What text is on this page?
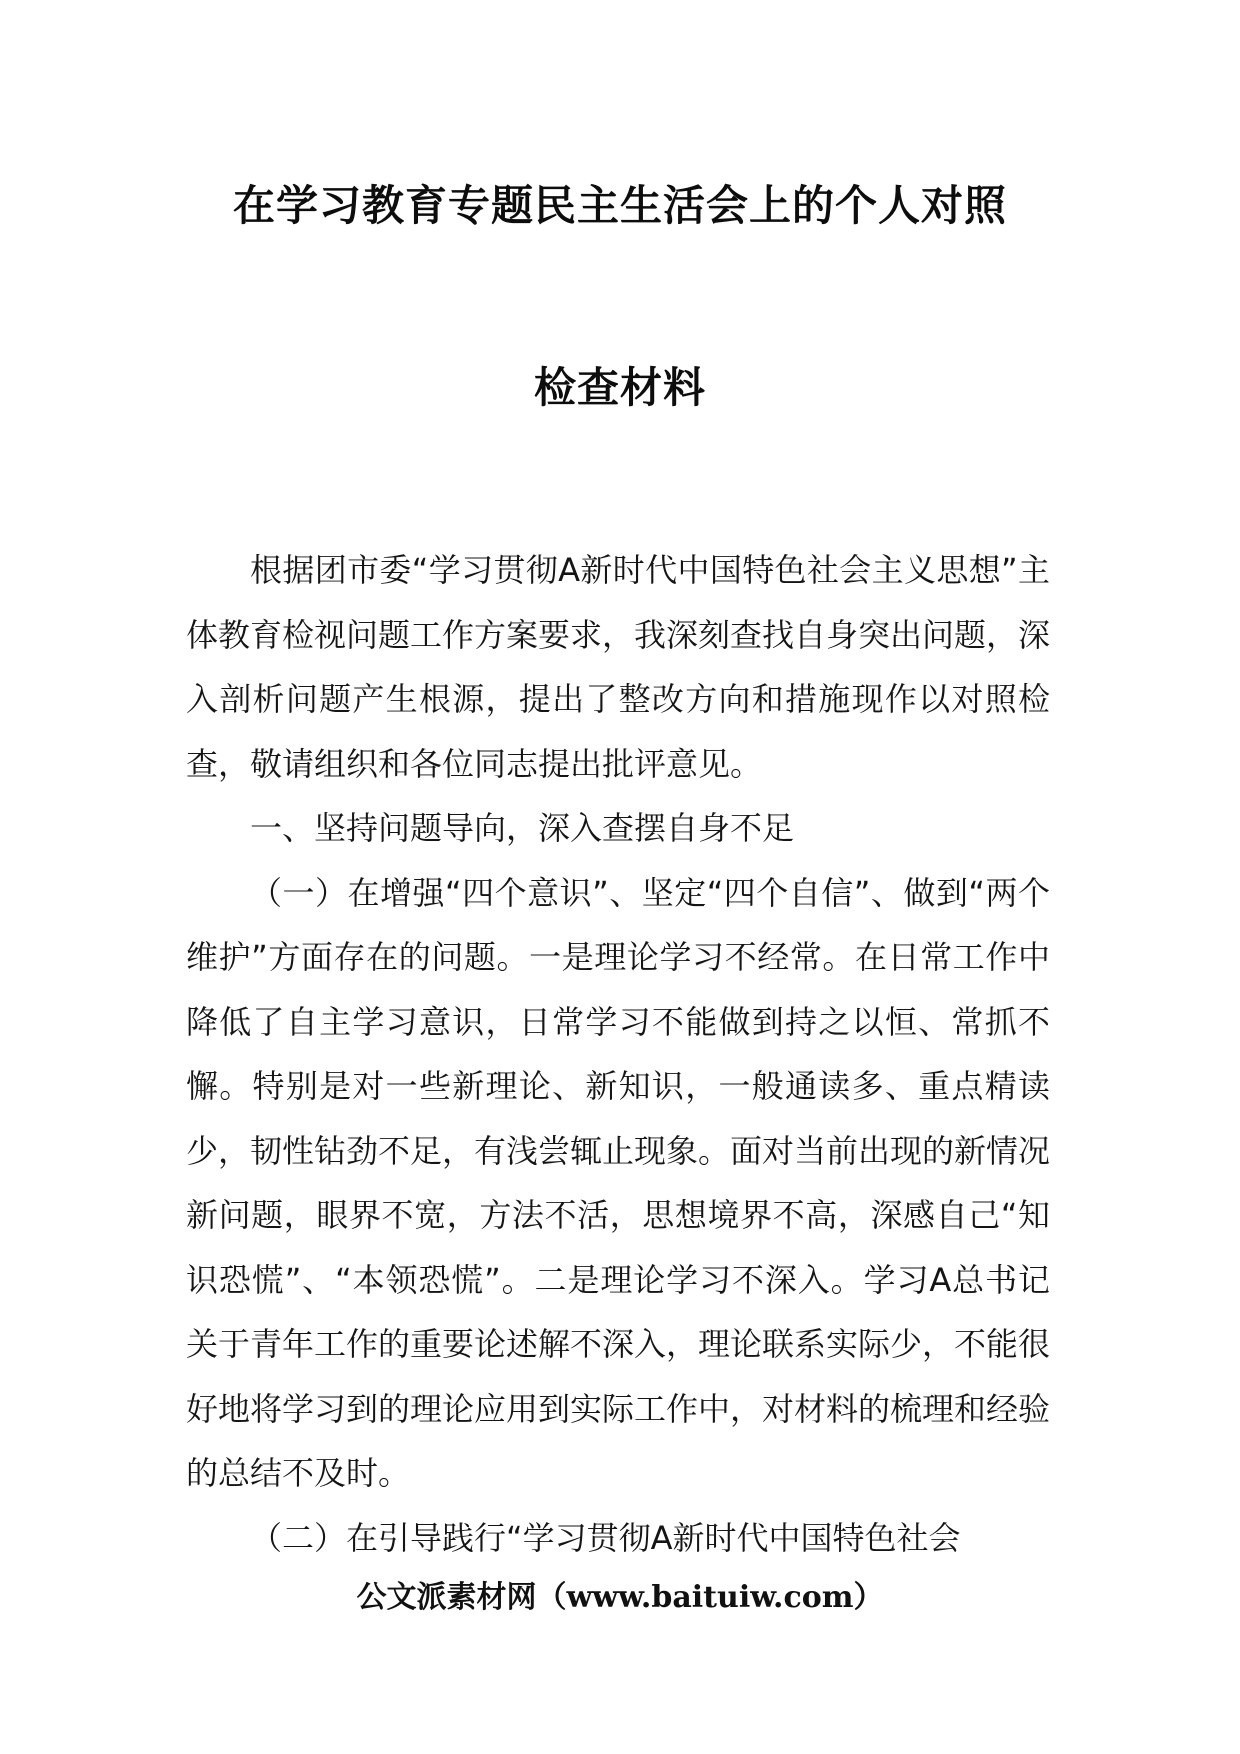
在学习教育专题民主生活会上的个人对照
检查材料

根据团市委“学习贯彻A新时代中国特色社会主义思想”主体教育检视问题工作方案要求，我深刻查找自身突出问题，深入剖析问题产生根源，提出了整改方向和措施现作以对照检查，敬请组织和各位同志提出批评意见。

一、坚持问题导向，深入查摆自身不足

（一）在增强“四个意识”、坚定“四个自信”、做到“两个维护”方面存在的问题。一是理论学习不经常。在日常工作中降低了自主学习意识，日常学习不能做到持之以恒、常抓不懈。特别是对一些新理论、新知识，一般通读多、重点精读少，韧性钻劲不足，有浅尝辄止现象。面对当前出现的新情况新问题，眼界不宽，方法不活，思想境界不高，深感自己“知识恐慌”、“本领恐慌”。二是理论学习不深入。学习A总书记关于青年工作的重要论述解不深入，理论联系实际少，不能很好地将学习到的理论应用到实际工作中，对材料的梳理和经验的总结不及时。

（二）在引导践行“学习贯彻A新时代中国特色社会

公文派素材网（www.baituiw.com）
